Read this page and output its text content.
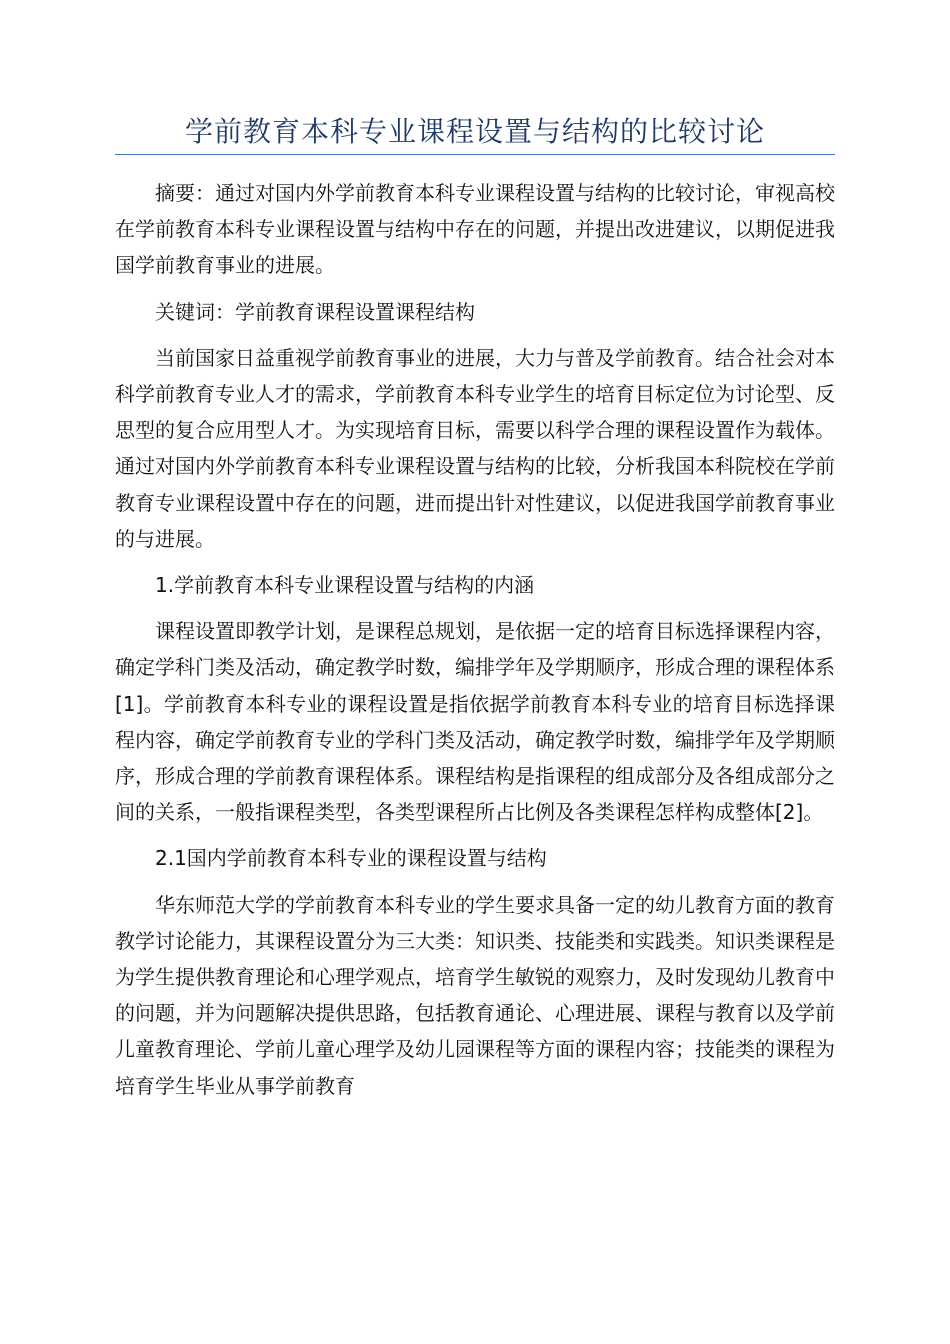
学前教育本科专业课程设置与结构的比较讨论

摘要：通过对国内外学前教育本科专业课程设置与结构的比较讨论，审视高校在学前教育本科专业课程设置与结构中存在的问题，并提出改进建议，以期促进我国学前教育事业的进展。

关键词：学前教育课程设置课程结构

当前国家日益重视学前教育事业的进展，大力与普及学前教育。结合社会对本科学前教育专业人才的需求，学前教育本科专业学生的培育目标定位为讨论型、反思型的复合应用型人才。为实现培育目标，需要以科学合理的课程设置作为载体。通过对国内外学前教育本科专业课程设置与结构的比较，分析我国本科院校在学前教育专业课程设置中存在的问题，进而提出针对性建议，以促进我国学前教育事业的与进展。

1.学前教育本科专业课程设置与结构的内涵

课程设置即教学计划，是课程总规划，是依据一定的培育目标选择课程内容，确定学科门类及活动，确定教学时数，编排学年及学期顺序，形成合理的课程体系[1]。学前教育本科专业的课程设置是指依据学前教育本科专业的培育目标选择课程内容，确定学前教育专业的学科门类及活动，确定教学时数，编排学年及学期顺序，形成合理的学前教育课程体系。课程结构是指课程的组成部分及各组成部分之间的关系，一般指课程类型，各类型课程所占比例及各类课程怎样构成整体[2]。

2.1国内学前教育本科专业的课程设置与结构

华东师范大学的学前教育本科专业的学生要求具备一定的幼儿教育方面的教育教学讨论能力，其课程设置分为三大类：知识类、技能类和实践类。知识类课程是为学生提供教育理论和心理学观点，培育学生敏锐的观察力，及时发现幼儿教育中的问题，并为问题解决提供思路，包括教育通论、心理进展、课程与教育以及学前儿童教育理论、学前儿童心理学及幼儿园课程等方面的课程内容；技能类的课程为培育学生毕业从事学前教育
